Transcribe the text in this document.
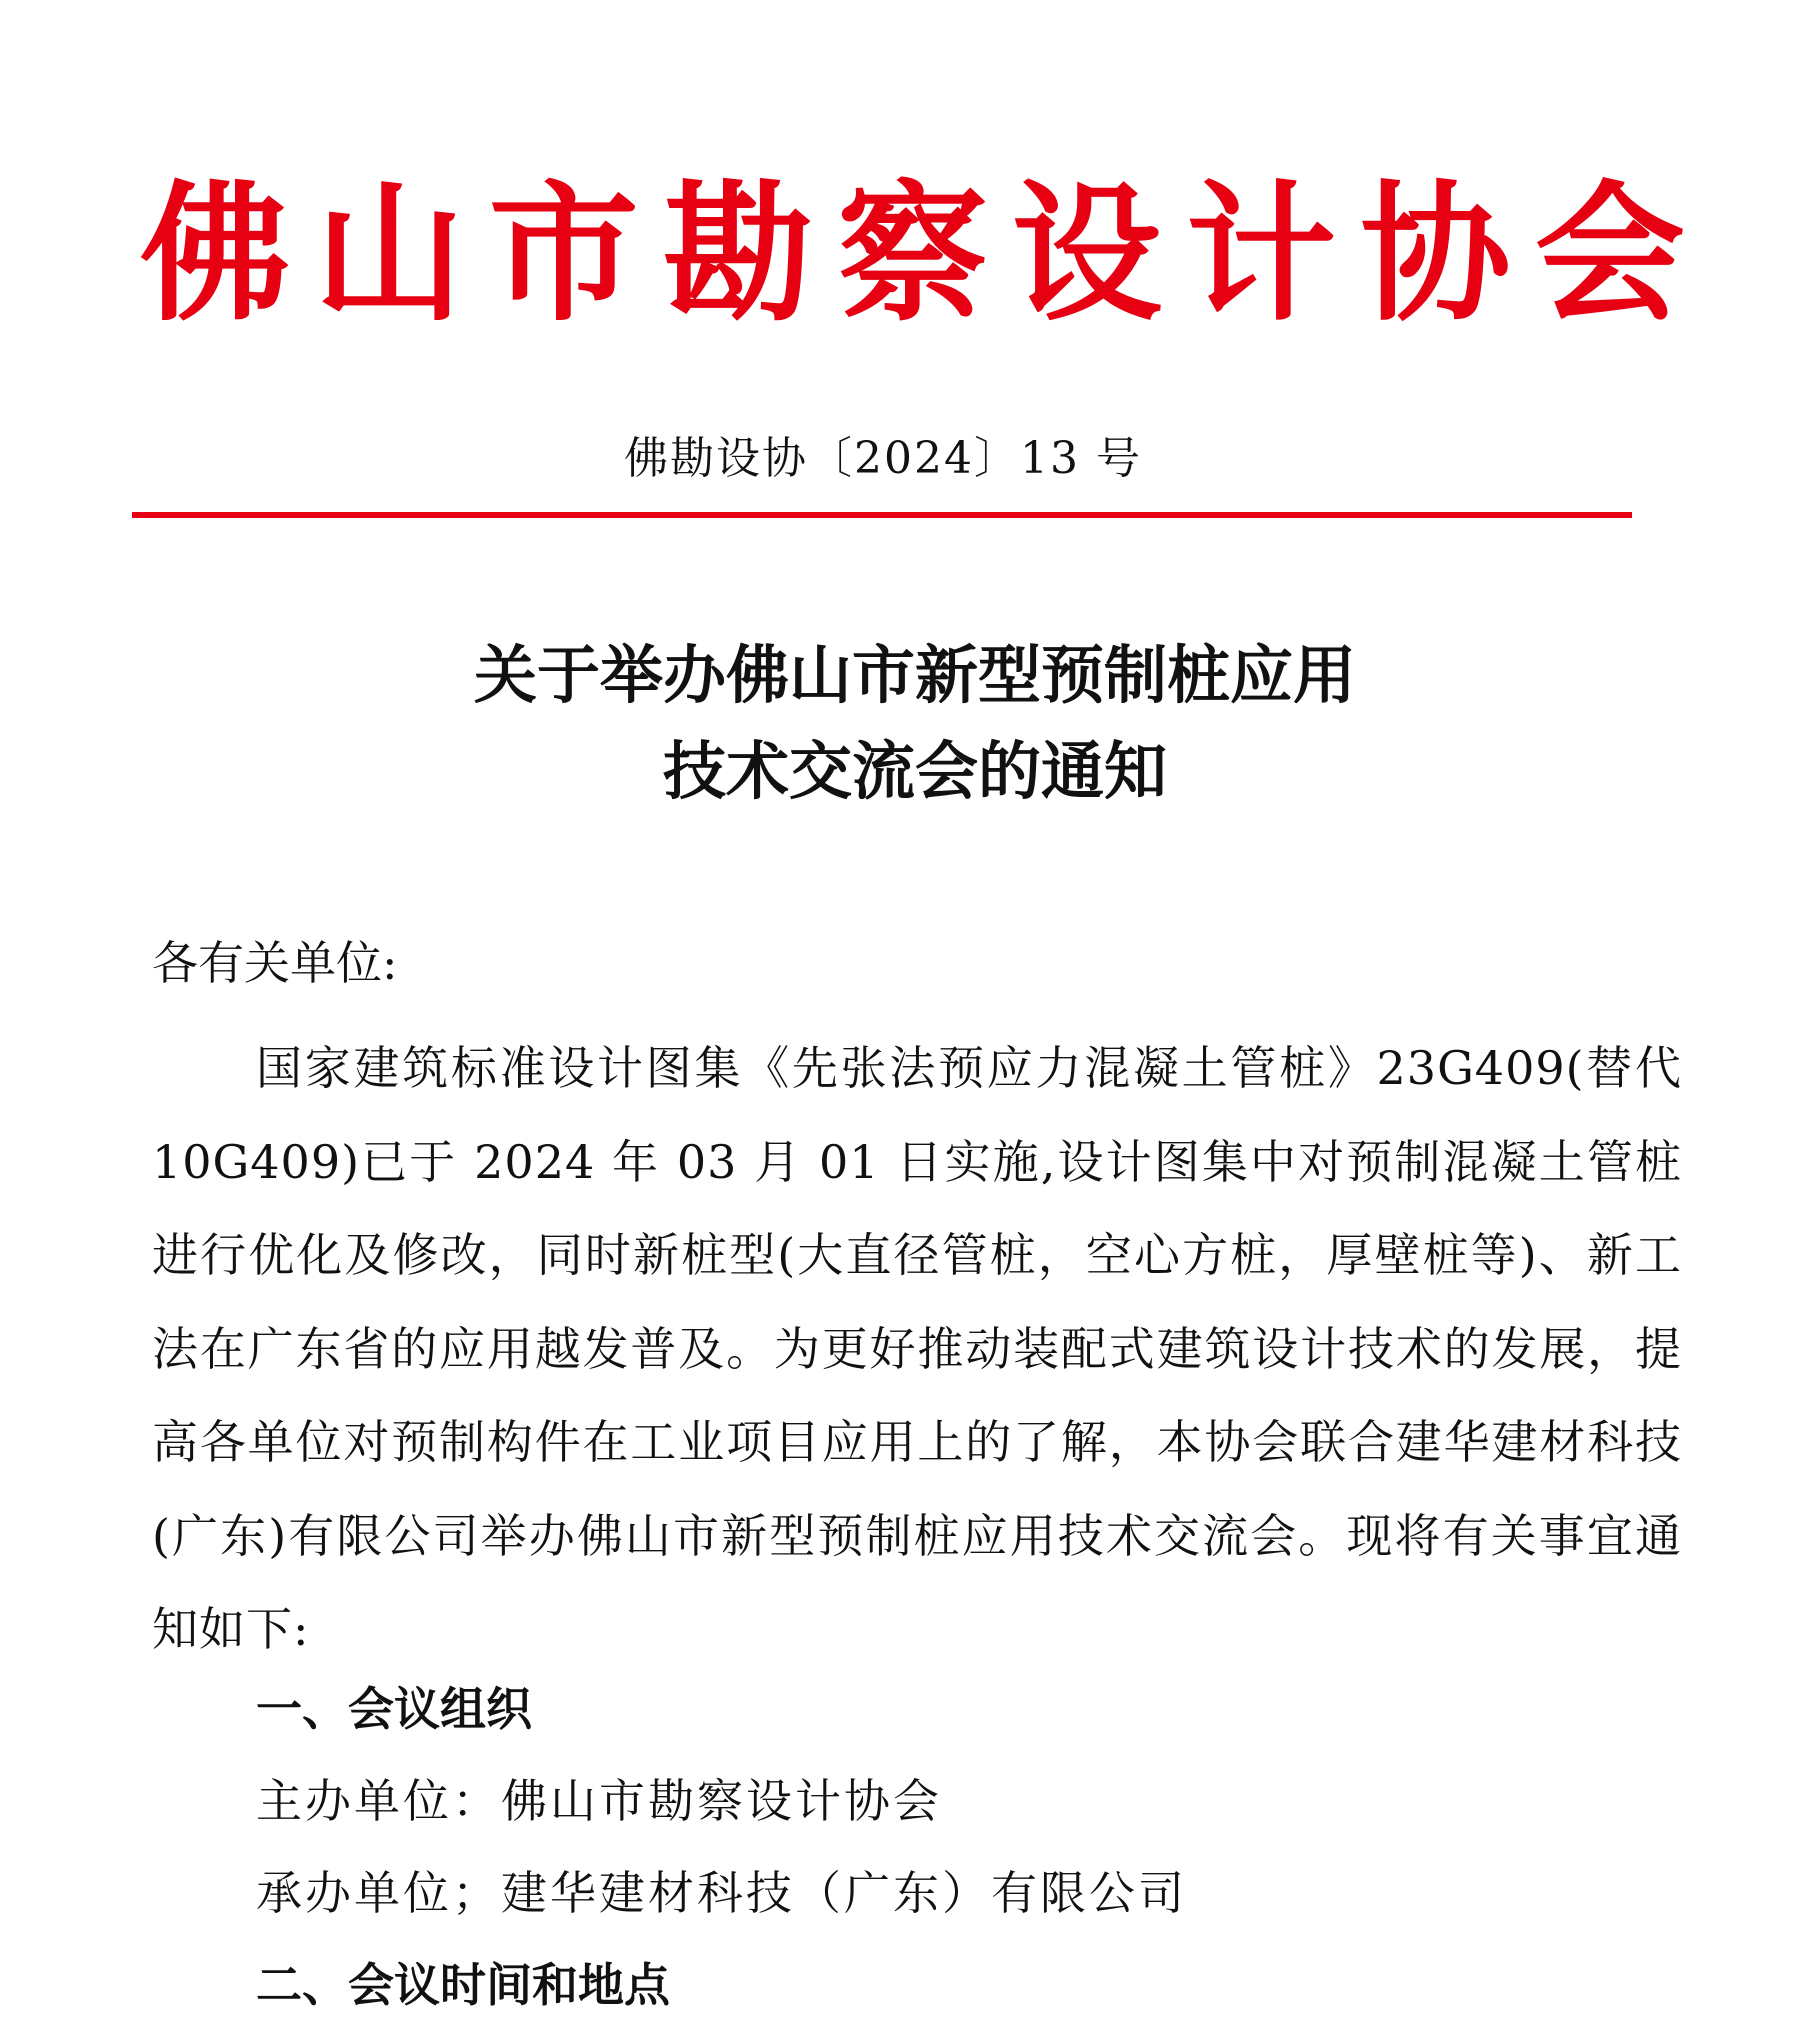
佛 山 市 勘 察 设 计 协 会
佛勘设协〔2024〕13 号
关于举办佛山市新型预制桩应用
技术交流会的通知

各有关单位:

国家建筑标准设计图集《先张法预应力混凝土管桩》23G409(替代 10G409)已于 2024 年 03 月 01 日实施,设计图集中对预制混凝土管桩进行优化及修改，同时新桩型(大直径管桩，空心方桩，厚壁桩等)、新工法在广东省的应用越发普及。为更好推动装配式建筑设计技术的发展，提高各单位对预制构件在工业项目应用上的了解，本协会联合建华建材科技(广东)有限公司举办佛山市新型预制桩应用技术交流会。现将有关事宜通知如下:

一、会议组织

主办单位：佛山市勘察设计协会

承办单位；建华建材科技（广东）有限公司

二、会议时间和地点
